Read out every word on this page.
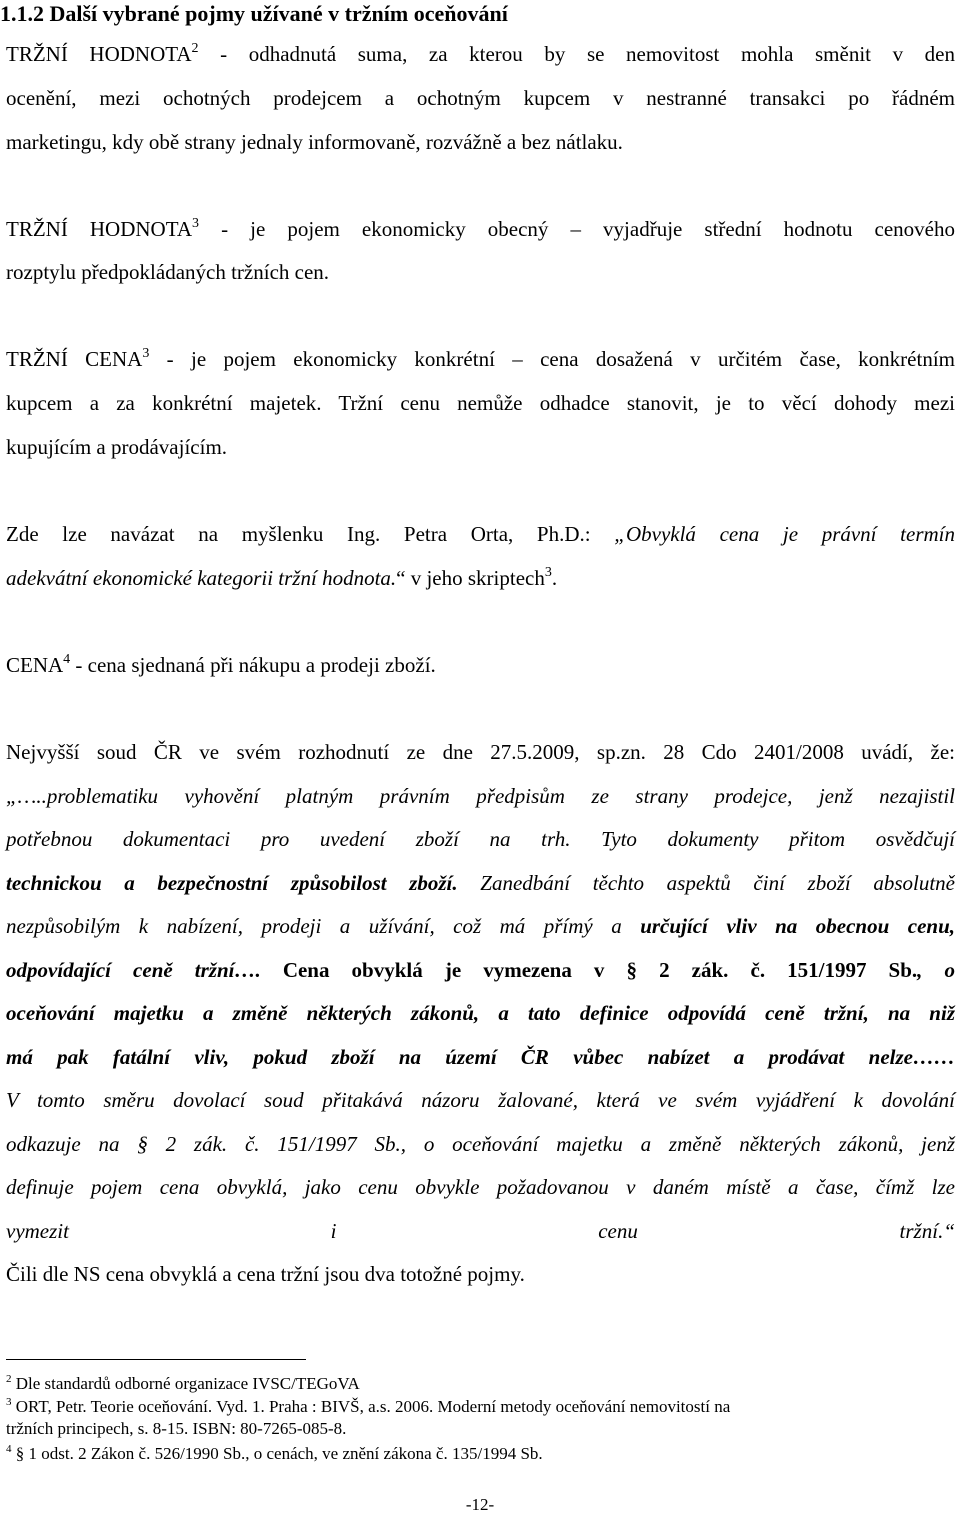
1.1.2 Další vybrané pojmy užívané v tržním oceňování

TRŽNÍ HODNOTA$^2$ - odhadnutá suma, za kterou by se nemovitost mohla směnit v den

ocenění, mezi ochotných prodejcem a ochotným kupcem v nestranné transakci po řádném

marketingu, kdy obě strany jednaly informovaně, rozvážně a bez nátlaku.

TRŽNÍ HODNOTA$^3$ - je pojem ekonomicky obecný – vyjadřuje střední hodnotu cenového

rozptylu předpokládaných tržních cen.

TRŽNÍ CENA$^3$ - je pojem ekonomicky konkrétní – cena dosažená v určitém čase, konkrétním

kupcem a za konkrétní majetek. Tržní cenu nemůže odhadce stanovit, je to věcí dohody mezi

kupujícím a prodávajícím.

Zde lze navázat na myšlenku Ing. Petra Orta, Ph.D.: „Obvyklá cena je právní termín

adekvátní ekonomické kategorii tržní hodnota.“ v jeho skriptech$^3$.

CENA$^4$ - cena sjednaná při nákupu a prodeji zboží.

Nejvyšší soud ČR ve svém rozhodnutí ze dne 27.5.2009, sp.zn. 28 Cdo 2401/2008 uvádí, že:

„…..problematiku vyhovění platným právním předpisům ze strany prodejce, jenž nezajistil

potřebnou dokumentaci pro uvedení zboží na trh. Tyto dokumenty přitom osvědčují

technickou a bezpečnostní způsobilost zboží. Zanedbání těchto aspektů činí zboží absolutně

nezpůsobilým k nabízení, prodeji a užívání, což má přímý a určující vliv na obecnou cenu,

odpovídající ceně tržní…. Cena obvyklá je vymezena v § 2 zák. č. 151/1997 Sb., o

oceňování majetku a změně některých zákonů, a tato definice odpovídá ceně tržní, na niž

má pak fatální vliv, pokud zboží na území ČR vůbec nabízet a prodávat nelze……

V tomto směru dovolací soud přitakává názoru žalované, která ve svém vyjádření k dovolání

odkazuje na § 2 zák. č. 151/1997 Sb., o oceňování majetku a změně některých zákonů, jenž

definuje pojem cena obvyklá, jako cenu obvykle požadovanou v daném místě a čase, čímž lze

vymezit i cenu tržní.“

Čili dle NS cena obvyklá a cena tržní jsou dva totožné pojmy.

$^2$ Dle standardů odborné organizace IVSC/TEGoVA

$^3$ ORT, Petr. Teorie oceňování. Vyd. 1. Praha : BIVŠ, a.s. 2006. Moderní metody oceňování nemovitostí na

tržních principech, s. 8-15. ISBN: 80-7265-085-8.

$^4$ § 1 odst. 2 Zákon č. 526/1990 Sb., o cenách, ve znění zákona č. 135/1994 Sb.

-12-
